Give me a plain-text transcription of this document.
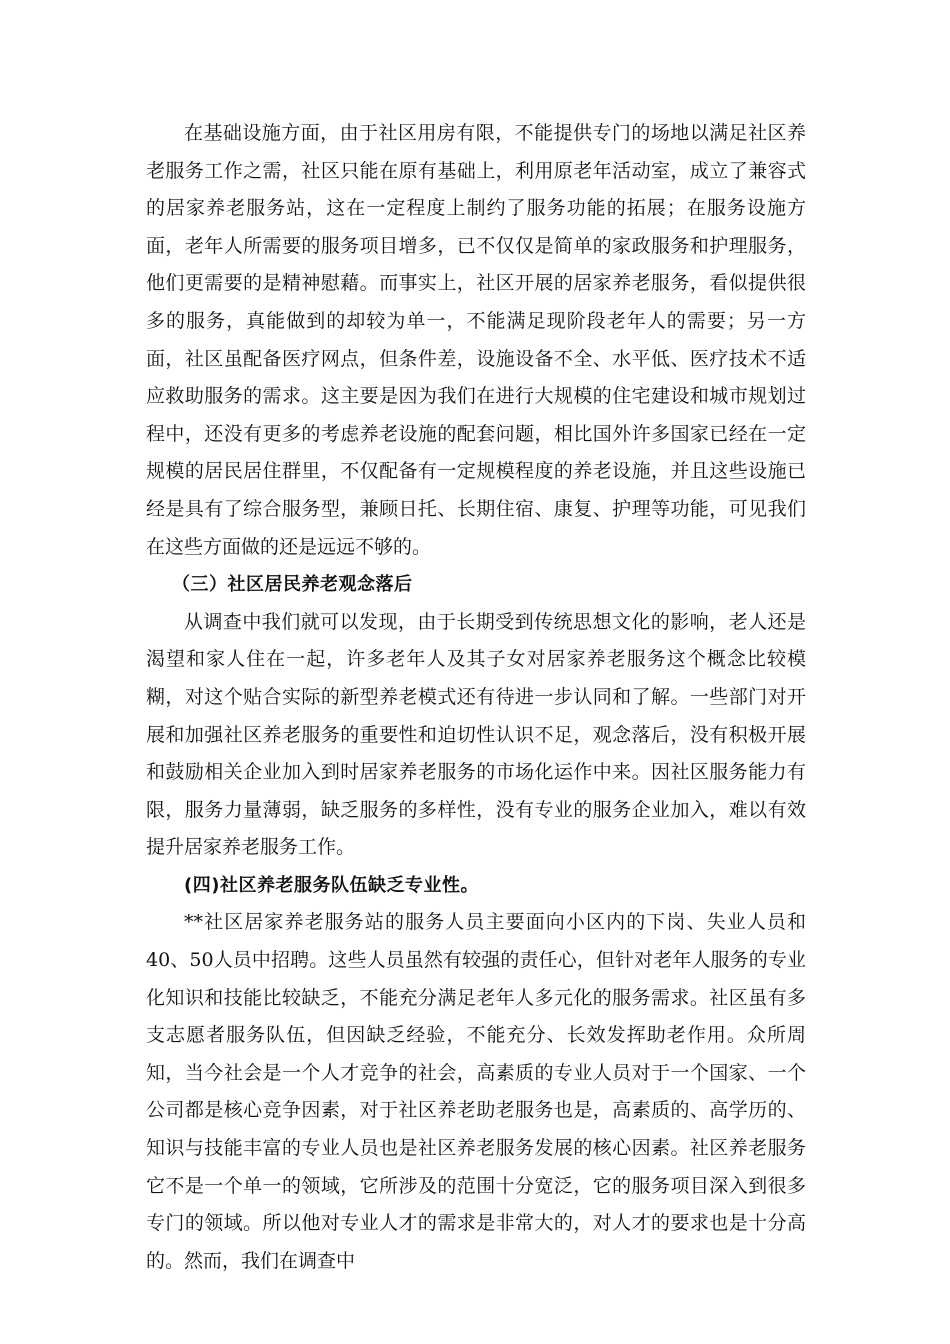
在基础设施方面，由于社区用房有限，不能提供专门的场地以满足社区养老服务工作之需，社区只能在原有基础上，利用原老年活动室，成立了兼容式的居家养老服务站，这在一定程度上制约了服务功能的拓展；在服务设施方面，老年人所需要的服务项目增多，已不仅仅是简单的家政服务和护理服务，他们更需要的是精神慰藉。而事实上，社区开展的居家养老服务，看似提供很多的服务，真能做到的却较为单一，不能满足现阶段老年人的需要；另一方面，社区虽配备医疗网点，但条件差，设施设备不全、水平低、医疗技术不适应救助服务的需求。这主要是因为我们在进行大规模的住宅建设和城市规划过程中，还没有更多的考虑养老设施的配套问题，相比国外许多国家已经在一定规模的居民居住群里，不仅配备有一定规模程度的养老设施，并且这些设施已经是具有了综合服务型，兼顾日托、长期住宿、康复、护理等功能，可见我们在这些方面做的还是远远不够的。

（三）社区居民养老观念落后

从调查中我们就可以发现，由于长期受到传统思想文化的影响，老人还是渴望和家人住在一起，许多老年人及其子女对居家养老服务这个概念比较模糊，对这个贴合实际的新型养老模式还有待进一步认同和了解。一些部门对开展和加强社区养老服务的重要性和迫切性认识不足，观念落后，没有积极开展和鼓励相关企业加入到时居家养老服务的市场化运作中来。因社区服务能力有限，服务力量薄弱，缺乏服务的多样性，没有专业的服务企业加入，难以有效提升居家养老服务工作。

(四)社区养老服务队伍缺乏专业性。

**社区居家养老服务站的服务人员主要面向小区内的下岗、失业人员和40、50人员中招聘。这些人员虽然有较强的责任心，但针对老年人服务的专业化知识和技能比较缺乏，不能充分满足老年人多元化的服务需求。社区虽有多支志愿者服务队伍，但因缺乏经验，不能充分、长效发挥助老作用。众所周知，当今社会是一个人才竞争的社会，高素质的专业人员对于一个国家、一个公司都是核心竞争因素，对于社区养老助老服务也是，高素质的、高学历的、知识与技能丰富的专业人员也是社区养老服务发展的核心因素。社区养老服务它不是一个单一的领域，它所涉及的范围十分宽泛，它的服务项目深入到很多专门的领域。所以他对专业人才的需求是非常大的，对人才的要求也是十分高的。然而，我们在调查中
